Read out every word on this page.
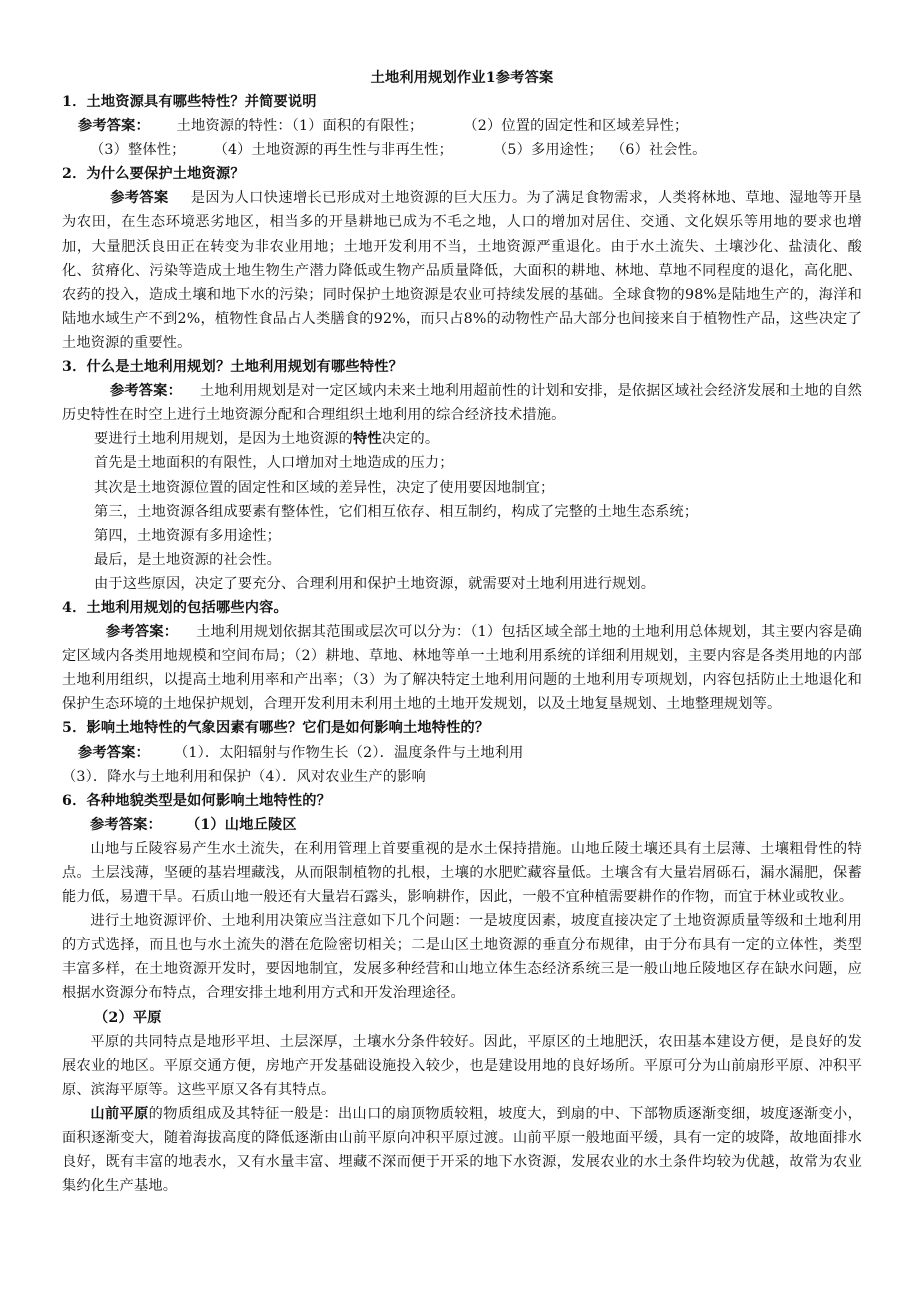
土地利用规划作业1参考答案
1．土地资源具有哪些特性？并简要说明
参考答案： 土地资源的特性：（1）面积的有限性；	（2）位置的固定性和区域差异性；
（3）整体性； （4）土地资源的再生性与非再生性；	（5）多用途性； （6）社会性。
2．为什么要保护土地资源？
参考答案 是因为人口快速增长已形成对土地资源的巨大压力。为了满足食物需求，人类将林地、草地、湿地等开垦为农田，在生态环境恶劣地区，相当多的开垦耕地已成为不毛之地，人口的增加对居住、交通、文化娱乐等用地的要求也增加，大量肥沃良田正在转变为非农业用地；土地开发利用不当，土地资源严重退化。由于水土流失、土壤沙化、盐渍化、酸化、贫瘠化、污染等造成土地生物生产潜力降低或生物产品质量降低，大面积的耕地、林地、草地不同程度的退化，高化肥、农药的投入，造成土壤和地下水的污染；同时保护土地资源是农业可持续发展的基础。全球食物的98%是陆地生产的，海洋和陆地水域生产不到2%，植物性食品占人类膳食的92%，而只占8%的动物性产品大部分也间接来自于植物性产品，这些决定了土地资源的重要性。
3．什么是土地利用规划？土地利用规划有哪些特性？
参考答案： 土地利用规划是对一定区域内未来土地利用超前性的计划和安排，是依据区域社会经济发展和土地的自然历史特性在时空上进行土地资源分配和合理组织土地利用的综合经济技术措施。
要进行土地利用规划，是因为土地资源的特性决定的。
首先是土地面积的有限性，人口增加对土地造成的压力；
其次是土地资源位置的固定性和区域的差异性，决定了使用要因地制宜；
第三，土地资源各组成要素有整体性，它们相互依存、相互制约，构成了完整的土地生态系统；
第四，土地资源有多用途性；
最后，是土地资源的社会性。
由于这些原因，决定了要充分、合理利用和保护土地资源，就需要对土地利用进行规划。
4．土地利用规划的包括哪些内容。
参考答案： 土地利用规划依据其范围或层次可以分为：（1）包括区域全部土地的土地利用总体规划，其主要内容是确定区域内各类用地规模和空间布局；（2）耕地、草地、林地等单一土地利用系统的详细利用规划，主要内容是各类用地的内部土地利用组织，以提高土地利用率和产出率；（3）为了解决特定土地利用问题的土地利用专项规划，内容包括防止土地退化和保护生态环境的土地保护规划，合理开发利用未利用土地的土地开发规划，以及土地复垦规划、土地整理规划等。
5．影响土地特性的气象因素有哪些？它们是如何影响土地特性的？
参考答案： （1）．太阳辐射与作物生长（2）．温度条件与土地利用
（3）．降水与土地利用和保护（4）．风对农业生产的影响
6．各种地貌类型是如何影响土地特性的？
参考答案： （1）山地丘陵区
山地与丘陵容易产生水土流失，在利用管理上首要重视的是水土保持措施。山地丘陵土壤还具有土层薄、土壤粗骨性的特点。土层浅薄，坚硬的基岩埋藏浅，从而限制植物的扎根，土壤的水肥贮藏容量低。土壤含有大量岩屑砾石，漏水漏肥，保蓄能力低，易遭干旱。石质山地一般还有大量岩石露头，影响耕作，因此，一般不宜种植需要耕作的作物，而宜于林业或牧业。
进行土地资源评价、土地利用决策应当注意如下几个问题：一是坡度因素，坡度直接决定了土地资源质量等级和土地利用的方式选择，而且也与水土流失的潜在危险密切相关；二是山区土地资源的垂直分布规律，由于分布具有一定的立体性，类型丰富多样，在土地资源开发时，要因地制宜，发展多种经营和山地立体生态经济系统三是一般山地丘陵地区存在缺水问题，应根据水资源分布特点，合理安排土地利用方式和开发治理途径。
（2）平原
平原的共同特点是地形平坦、土层深厚，土壤水分条件较好。因此，平原区的土地肥沃，农田基本建设方便，是良好的发展农业的地区。平原交通方便，房地产开发基础设施投入较少，也是建设用地的良好场所。平原可分为山前扇形平原、冲积平原、滨海平原等。这些平原又各有其特点。
山前平原的物质组成及其特征一般是：出山口的扇顶物质较粗，坡度大，到扇的中、下部物质逐渐变细，坡度逐渐变小，面积逐渐变大，随着海拔高度的降低逐渐由山前平原向冲积平原过渡。山前平原一般地面平缓，具有一定的坡降，故地面排水良好，既有丰富的地表水，又有水量丰富、埋藏不深而便于开采的地下水资源，发展农业的水土条件均较为优越，故常为农业集约化生产基地。
